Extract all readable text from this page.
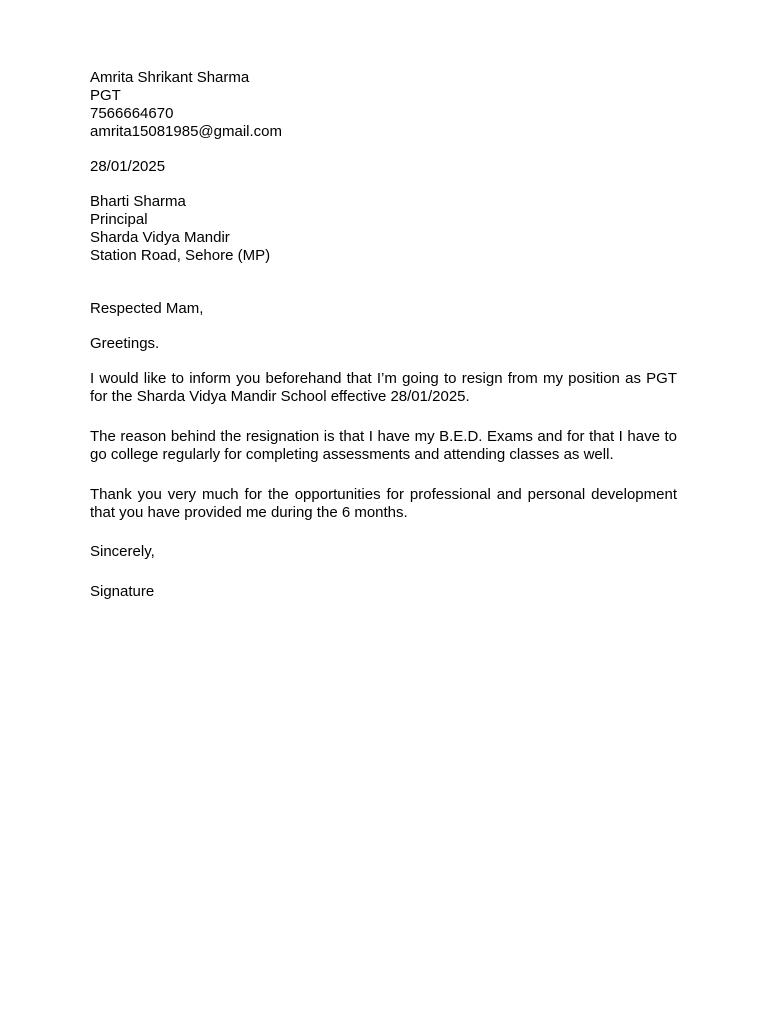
Amrita Shrikant Sharma
PGT
7566664670
amrita15081985@gmail.com
28/01/2025
Bharti Sharma
Principal
Sharda Vidya Mandir
Station Road, Sehore (MP)
Respected Mam,
Greetings.

I would like to inform you beforehand that I’m going to resign from my position as PGT for the Sharda Vidya Mandir School effective 28/01/2025.

The reason behind the resignation is that I have my B.E.D. Exams and for that I have to go college regularly for completing assessments and attending classes as well.

Thank you very much for the opportunities for professional and personal development that you have provided me during the 6 months.

Sincerely,
Signature
